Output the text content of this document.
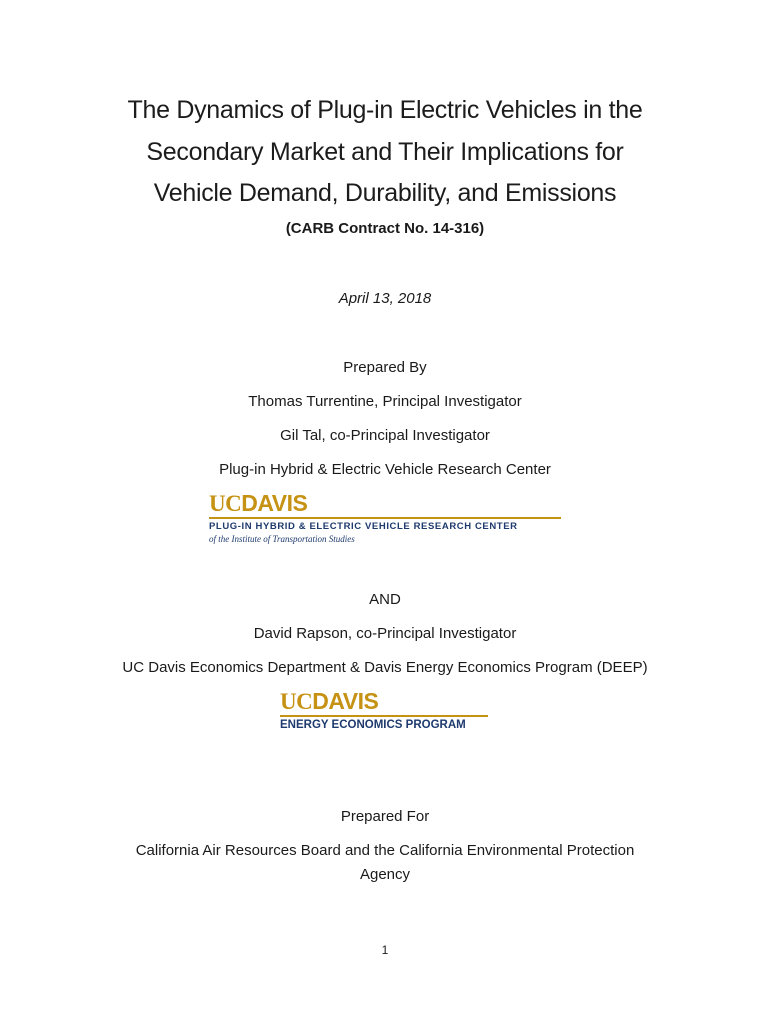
The Dynamics of Plug-in Electric Vehicles in the
Secondary Market and Their Implications for
Vehicle Demand, Durability, and Emissions
(CARB Contract No. 14-316)
April 13, 2018
Prepared By
Thomas Turrentine, Principal Investigator
Gil Tal, co-Principal Investigator
Plug-in Hybrid & Electric Vehicle Research Center
UCDAVIS
PLUG-IN HYBRID & ELECTRIC VEHICLE RESEARCH CENTER
of the Institute of Transportation Studies
AND
David Rapson, co-Principal Investigator
UC Davis Economics Department & Davis Energy Economics Program (DEEP)
UCDAVIS
ENERGY ECONOMICS PROGRAM
Prepared For
California Air Resources Board and the California Environmental Protection
Agency
1
